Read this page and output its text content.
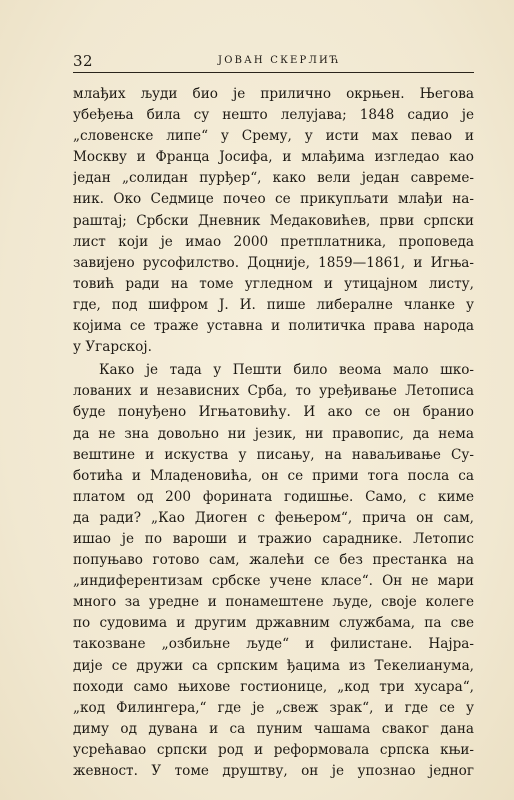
32	ЈОВАН СКЕРЛИЋ
млађих људи био је прилично окрњен. Његова
убеђења била су нешто лелујава; 1848 садио је
„словенске липе“ у Срему, у исти мах певао и
Москву и Франца Јосифа, и млађима изгледао као
један „солидан пурђер“, како вели један савреме-
ник. Око Седмице почео се прикупљати млађи на-
раштај; Србски Дневник Медаковићев, први српски
лист који је имао 2000 претплатника, проповеда
завијено русофилство. Доцније, 1859—1861, и Игња-
товић ради на томе угледном и утицајном листу,
где, под шифром Ј. И. пише либералне чланке у
којима се траже уставна и политичка права народа
у Угарској.
Како је тада у Пешти било веома мало шко-
лованих и независних Срба, то уређивање Летописа
буде понуђено Игњатовићу. И ако се он бранио
да не зна довољно ни језик, ни правопис, да нема
вештине и искуства у писању, на наваљивање Су-
ботића и Младеновића, он се прими тога посла са
платом од 200 форината годишње. Само, с киме
да ради? „Као Диоген с фењером“, прича он сам,
ишао је по вароши и тражио сараднике. Летопис
попуњаво готово сам, жалећи се без престанка на
„индиферентизам србске учене класе“. Он не мари
много за уредне и понамештене људе, своје колеге
по судовима и другим државним службама, па све
такозване „озбиљне људе“ и филистане. Најра-
дије се дружи са српским ђацима из Текелианума,
походи само њихове гостионице, „код три хусара“,
„код Филингера,“ где је „свеж зрак“, и где се у
диму од дувана и са пуним чашама сваког дана
усрећавао српски род и реформовала српска књи-
жевност. У томе друштву, он је упознао једног
